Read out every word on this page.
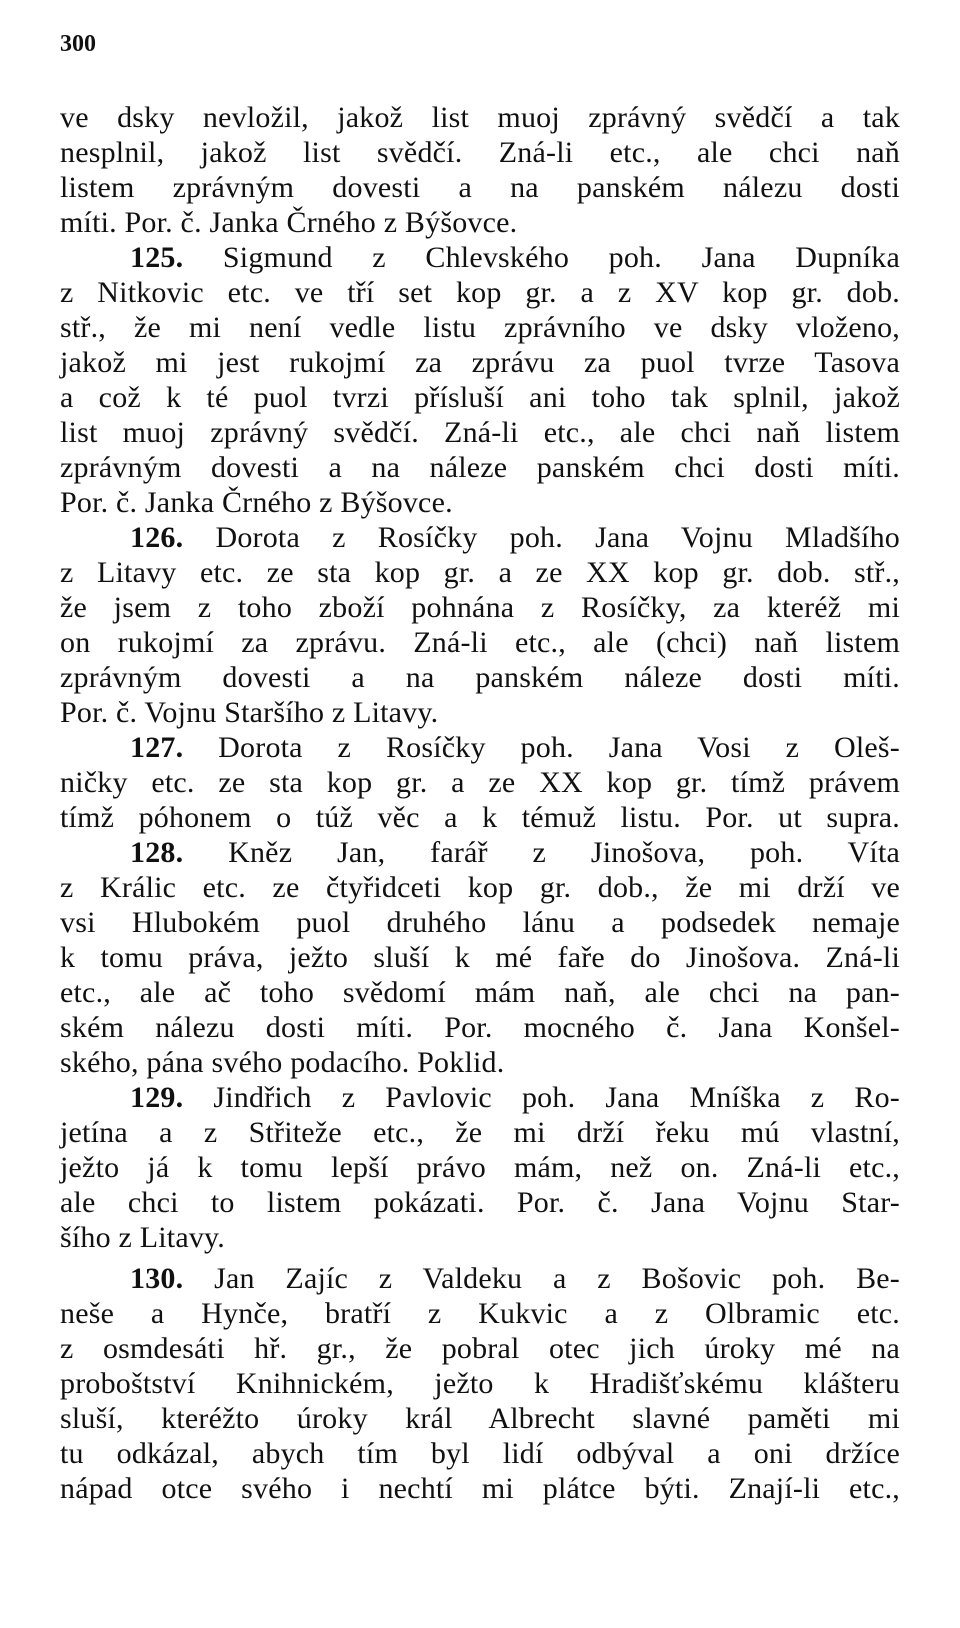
300
ve dsky nevložil, jakož list muoj zprávný svědčí a tak
nesplnil, jakož list svědčí. Zná-li etc., ale chci naň
listem zprávným dovesti a na panském nálezu dosti
míti. Por. č. Janka Črného z Býšovce.
125. Sigmund z Chlevského poh. Jana Dupníka
z Nitkovic etc. ve tří set kop gr. a z XV kop gr. dob.
stř., že mi není vedle listu zprávního ve dsky vloženo,
jakož mi jest rukojmí za zprávu za puol tvrze Tasova
a což k té puol tvrzi přísluší ani toho tak splnil, jakož
list muoj zprávný svědčí. Zná-li etc., ale chci naň listem
zprávným dovesti a na náleze panském chci dosti míti.
Por. č. Janka Črného z Býšovce.
126. Dorota z Rosíčky poh. Jana Vojnu Mladšího
z Litavy etc. ze sta kop gr. a ze XX kop gr. dob. stř.,
že jsem z toho zboží pohnána z Rosíčky, za kteréž mi
on rukojmí za zprávu. Zná-li etc., ale (chci) naň listem
zprávným dovesti a na panském náleze dosti míti.
Por. č. Vojnu Staršího z Litavy.
127. Dorota z Rosíčky poh. Jana Vosi z Oleš-
ničky etc. ze sta kop gr. a ze XX kop gr. tímž právem
tímž póhonem o túž věc a k témuž listu. Por. ut supra.
128. Kněz Jan, farář z Jinošova, poh. Víta
z Králic etc. ze čtyřidceti kop gr. dob., že mi drží ve
vsi Hlubokém puol druhého lánu a podsedek nemaje
k tomu práva, ježto sluší k mé faře do Jinošova. Zná-li
etc., ale ač toho svědomí mám naň, ale chci na pan-
ském nálezu dosti míti. Por. mocného č. Jana Konšel-
ského, pána svého podacího. Poklid.
129. Jindřich z Pavlovic poh. Jana Mníška z Ro-
jetína a z Střiteže etc., že mi drží řeku mú vlastní,
ježto já k tomu lepší právo mám, než on. Zná-li etc.,
ale chci to listem pokázati. Por. č. Jana Vojnu Star-
šího z Litavy.
130. Jan Zajíc z Valdeku a z Bošovic poh. Be-
neše a Hynče, bratří z Kukvic a z Olbramic etc.
z osmdesáti hř. gr., že pobral otec jich úroky mé na
proboštství Knihnickém, ježto k Hradišťskému klášteru
sluší, kteréžto úroky král Albrecht slavné paměti mi
tu odkázal, abych tím byl lidí odbýval a oni držíce
nápad otce svého i nechtí mi plátce býti. Znají-li etc.,
